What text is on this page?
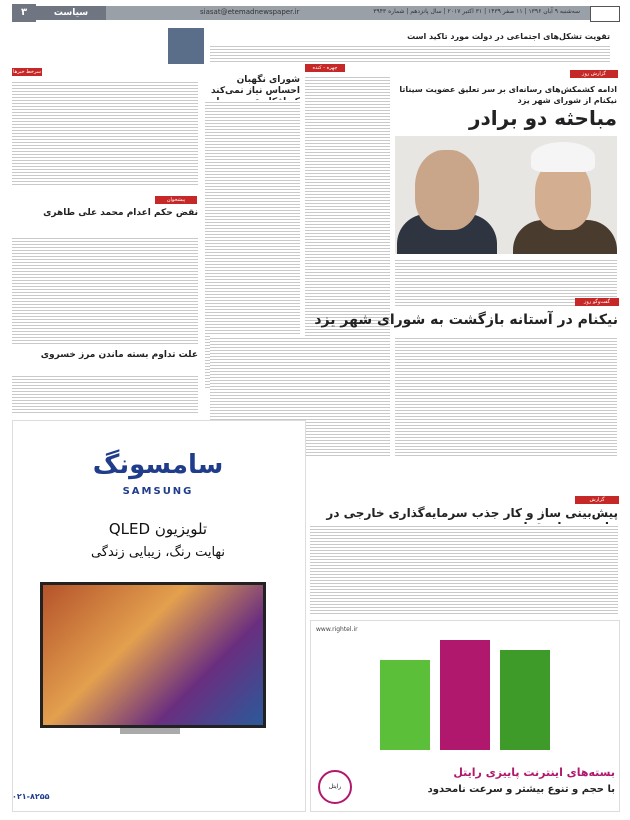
۳	سیاست	siasat@etemadnewspaper.ir	سه‌شنبه ۹ آبان ۱۳۹۶ | ۱۱ صفر ۱۴۳۹ | ۳۱ اکتبر ۲۰۱۷ | سال پانزدهم | شماره ۳۹۴۳
تقویت تشکل‌های اجتماعی در دولت مورد تاکید است
گزارش روز
ادامه کشمکش‌های رسانه‌ای بر سر تعلیق عضویت سیناتا نیکنام از شورای شهر یزد
مباحثه دو برادر
چهره - کنده
شورای نگهبان احساس نیاز نمی‌کند
سرخط خبرها
پیشخوان
نقض حکم اعدام محمد علی طاهری
علت تداوم بسته ماندن مرز خسروی
گفت‌وگو روز
نیکنام در آستانه بازگشت به شورای شهر یزد
گزارش
پیش‌بینی ساز و کار جذب سرمایه‌گذاری خارجی در
سامسونگ
SAMSUNG
تلویزیون QLED
نهایت رنگ، زیبایی زندگی
۰۲۱-۸۲۵۵
www.rightel.ir
بسته‌های اینترنت پاییزی رایتل
با حجم و تنوع بیشتر و سرعت نامحدود
رایتل
